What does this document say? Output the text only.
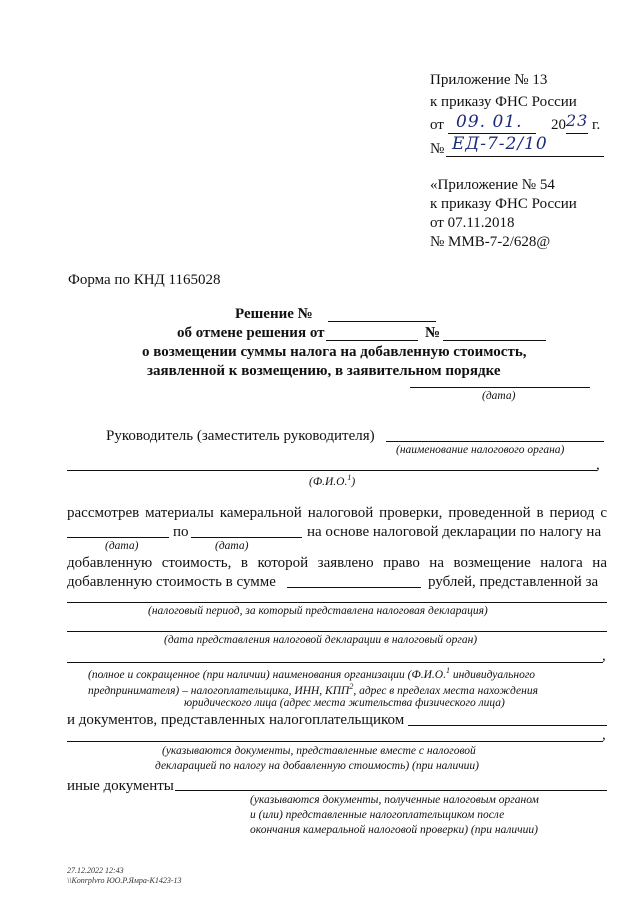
Приложение № 13
к приказу ФНС России
от 09. 01. 20 23 г.
№ ЕД-7-2/10
«Приложение № 54
к приказу ФНС России
от 07.11.2018
№ ММВ-7-2/628@
Форма по КНД 1165028
Решение №
об отмене решения от	№
о возмещении суммы налога на добавленную стоимость,
заявленной к возмещению, в заявительном порядке
(дата)
Руководитель (заместитель руководителя)
(наименование налогового органа)
,
(Ф.И.О.$^1$)
рассмотрев материалы камеральной налоговой проверки, проведенной в период с
по	на основе налоговой декларации по налогу на
(дата)	(дата)
добавленную стоимость, в которой заявлено право на возмещение налога на
добавленную стоимость в сумме	рублей, представленной за
(налоговый период, за который представлена налоговая декларация)
(дата представления налоговой декларации в налоговый орган)
,
(полное и сокращенное (при наличии) наименования организации (Ф.И.О.$^1$ индивидуального
предпринимателя) – налогоплательщика, ИНН, КПП$^2$, адрес в пределах места нахождения
юридического лица (адрес места жительства физического лица)
и документов, представленных налогоплательщиком
,
(указываются документы, представленные вместе с налоговой
декларацией по налогу на добавленную стоимость) (при наличии)
иные документы
(указываются документы, полученные налоговым органом
и (или) представленные налогоплательщиком после
окончания камеральной налоговой проверки) (при наличии)
27.12.2022 12:43
\\Кonrplvro ЮО.Р.Ямра-К1423-13
